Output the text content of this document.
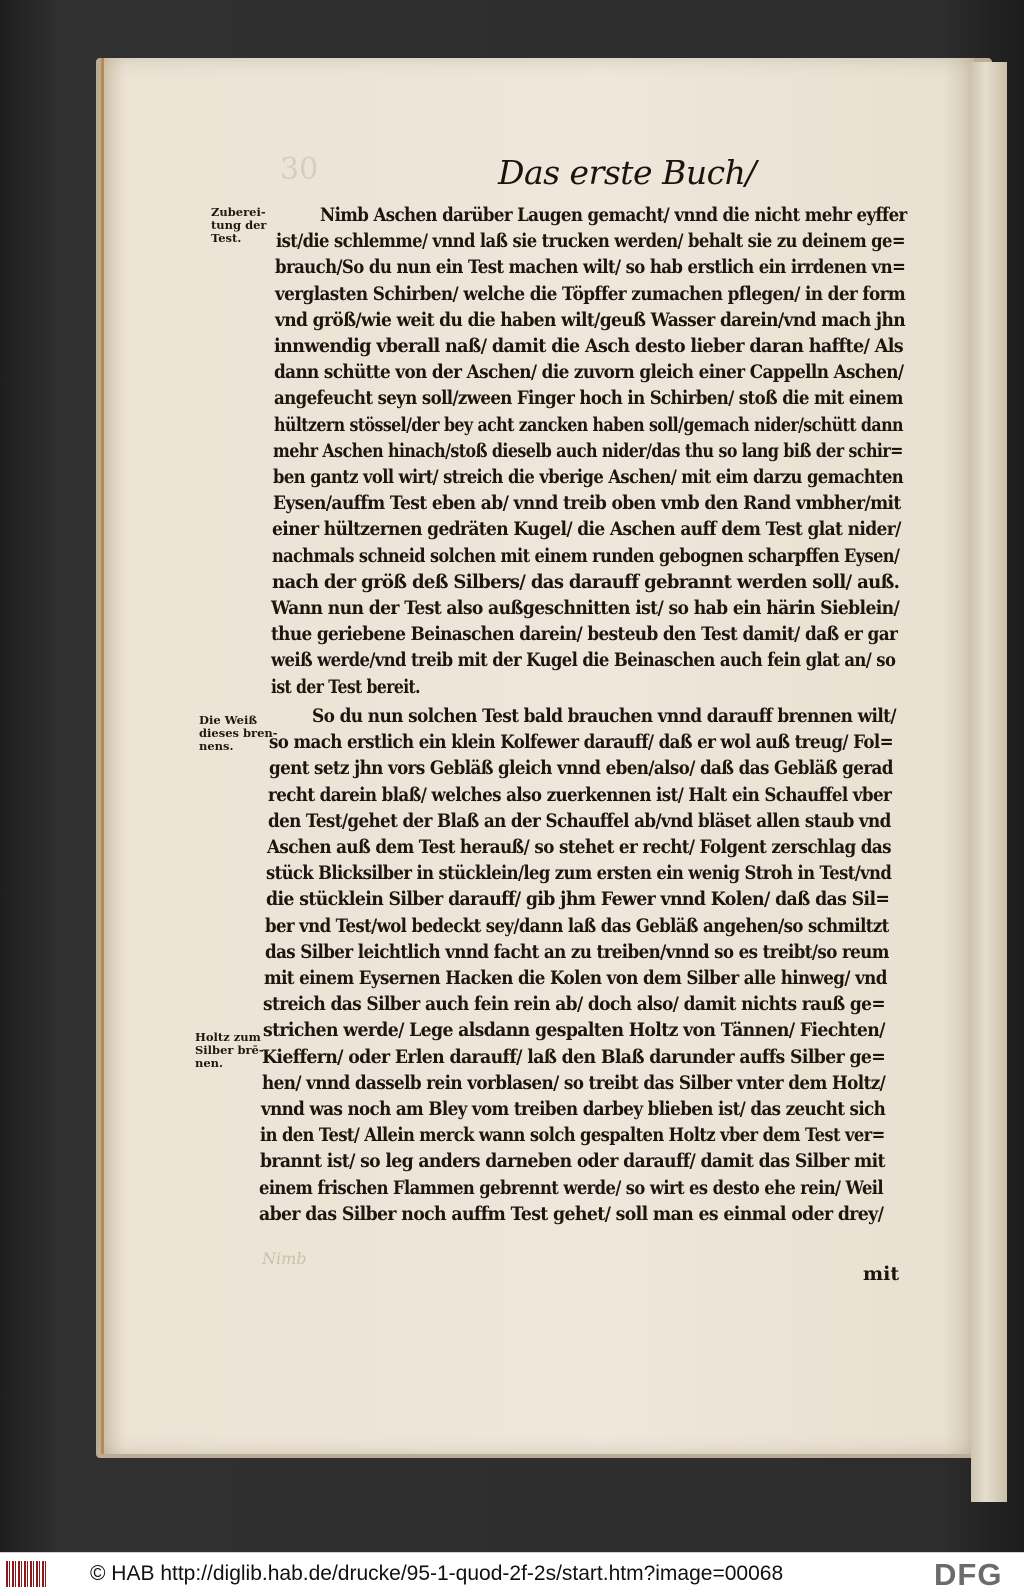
30	Das erste Buch/
Zuberei-
tung der
Test.
Die Weiß
dieses bren-
nens.
Holtz zum
Silber brē-
nen.
Nimb Aschen darüber Laugen gemacht/ vnnd die nicht mehr eyffer
ist/die schlemme/ vnnd laß sie trucken werden/ behalt sie zu deinem ge=
brauch/So du nun ein Test machen wilt/ so hab erstlich ein irrdenen vn=
verglasten Schirben/ welche die Töpffer zumachen pflegen/ in der form
vnd größ/wie weit du die haben wilt/geuß Wasser darein/vnd mach jhn
innwendig vberall naß/ damit die Asch desto lieber daran haffte/ Als
dann schütte von der Aschen/ die zuvorn gleich einer Cappelln Aschen/
angefeucht seyn soll/zween Finger hoch in Schirben/ stoß die mit einem
hültzern stössel/der bey acht zancken haben soll/gemach nider/schütt dann
mehr Aschen hinach/stoß dieselb auch nider/das thu so lang biß der schir=
ben gantz voll wirt/ streich die vberige Aschen/ mit eim darzu gemachten
Eysen/auffm Test eben ab/ vnnd treib oben vmb den Rand vmbher/mit
einer hültzernen gedräten Kugel/ die Aschen auff dem Test glat nider/
nachmals schneid solchen mit einem runden gebognen scharpffen Eysen/
nach der größ deß Silbers/ das darauff gebrannt werden soll/ auß.
Wann nun der Test also außgeschnitten ist/ so hab ein härin Sieblein/
thue geriebene Beinaschen darein/ besteub den Test damit/ daß er gar
weiß werde/vnd treib mit der Kugel die Beinaschen auch fein glat an/ so
ist der Test bereit.
So du nun solchen Test bald brauchen vnnd darauff brennen wilt/
so mach erstlich ein klein Kolfewer darauff/ daß er wol auß treug/ Fol=
gent setz jhn vors Gebläß gleich vnnd eben/also/ daß das Gebläß gerad
recht darein blaß/ welches also zuerkennen ist/ Halt ein Schauffel vber
den Test/gehet der Blaß an der Schauffel ab/vnd bläset allen staub vnd
Aschen auß dem Test herauß/ so stehet er recht/ Folgent zerschlag das
stück Blicksilber in stücklein/leg zum ersten ein wenig Stroh in Test/vnd
die stücklein Silber darauff/ gib jhm Fewer vnnd Kolen/ daß das Sil=
ber vnd Test/wol bedeckt sey/dann laß das Gebläß angehen/so schmiltzt
das Silber leichtlich vnnd facht an zu treiben/vnnd so es treibt/so reum
mit einem Eysernen Hacken die Kolen von dem Silber alle hinweg/ vnd
streich das Silber auch fein rein ab/ doch also/ damit nichts rauß ge=
strichen werde/ Lege alsdann gespalten Holtz von Tännen/ Fiechten/
Kieffern/ oder Erlen darauff/ laß den Blaß darunder auffs Silber ge=
hen/ vnnd dasselb rein vorblasen/ so treibt das Silber vnter dem Holtz/
vnnd was noch am Bley vom treiben darbey blieben ist/ das zeucht sich
in den Test/ Allein merck wann solch gespalten Holtz vber dem Test ver=
brannt ist/ so leg anders darneben oder darauff/ damit das Silber mit
einem frischen Flammen gebrennt werde/ so wirt es desto ehe rein/ Weil
aber das Silber noch auffm Test gehet/ soll man es einmal oder drey/
Nimb
mit
© HAB http://diglib.hab.de/drucke/95-1-quod-2f-2s/start.htm?image=00068	DFG
